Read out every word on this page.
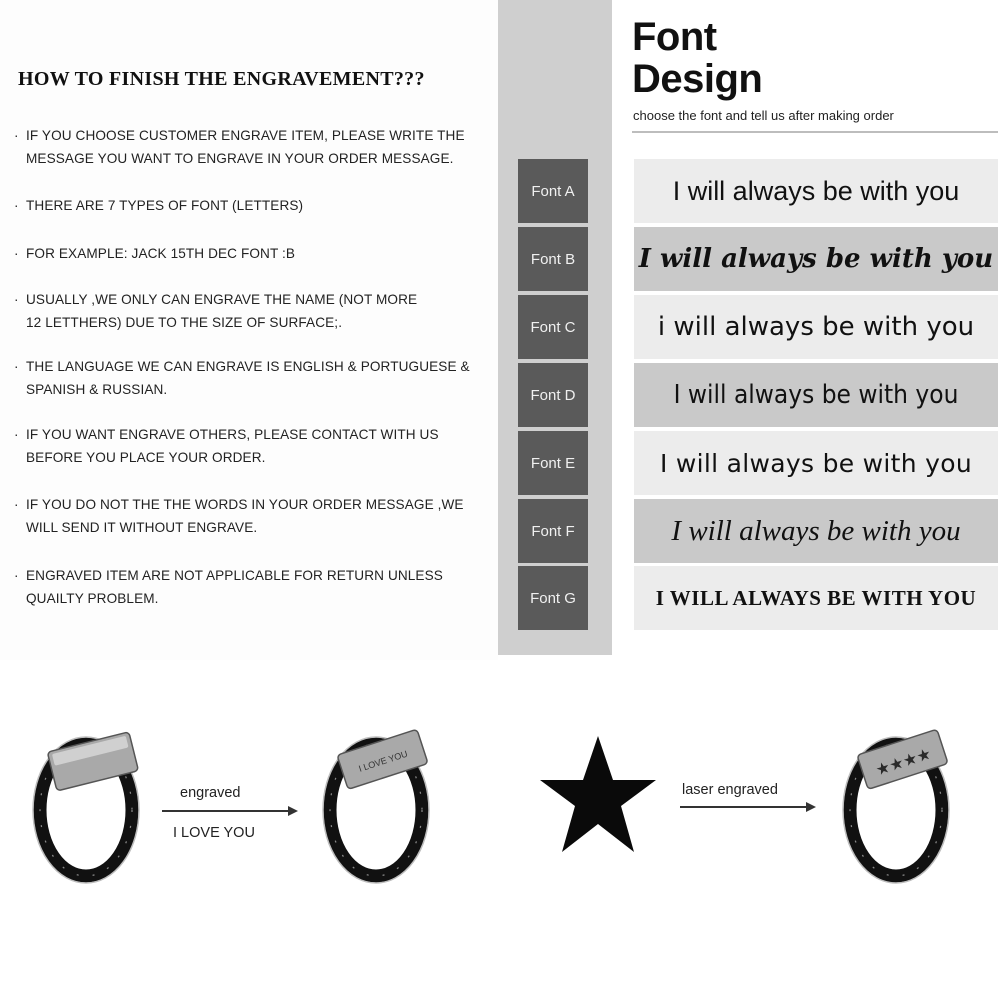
HOW TO FINISH THE ENGRAVEMENT???
· IF YOU CHOOSE CUSTOMER ENGRAVE ITEM, PLEASE WRITE THE
MESSAGE YOU WANT TO ENGRAVE IN YOUR ORDER MESSAGE.
· THERE ARE 7 TYPES OF FONT (LETTERS)
· FOR EXAMPLE: JACK 15TH DEC FONT :B
· USUALLY ,WE ONLY CAN ENGRAVE THE NAME (NOT MORE
12 LETTHERS) DUE TO THE SIZE OF SURFACE;.
· THE LANGUAGE WE CAN ENGRAVE IS ENGLISH & PORTUGUESE &
SPANISH & RUSSIAN.
· IF YOU WANT ENGRAVE OTHERS, PLEASE CONTACT WITH US
BEFORE YOU PLACE YOUR ORDER.
· IF YOU DO NOT THE THE WORDS IN YOUR ORDER MESSAGE ,WE
WILL SEND IT WITHOUT ENGRAVE.
· ENGRAVED ITEM ARE NOT APPLICABLE FOR RETURN UNLESS
QUAILTY PROBLEM.
Font
Design
choose the font and tell us after making order
Font A	I will always be with you
Font B	I will always be with you
Font C	i will always be with you
Font D	I will always be with you
Font E	I will always be with you
Font F	I will always be with you
Font G	I WILL ALWAYS BE WITH YOU
engraved
I LOVE YOU
I LOVE YOU
laser engraved
★★★★
